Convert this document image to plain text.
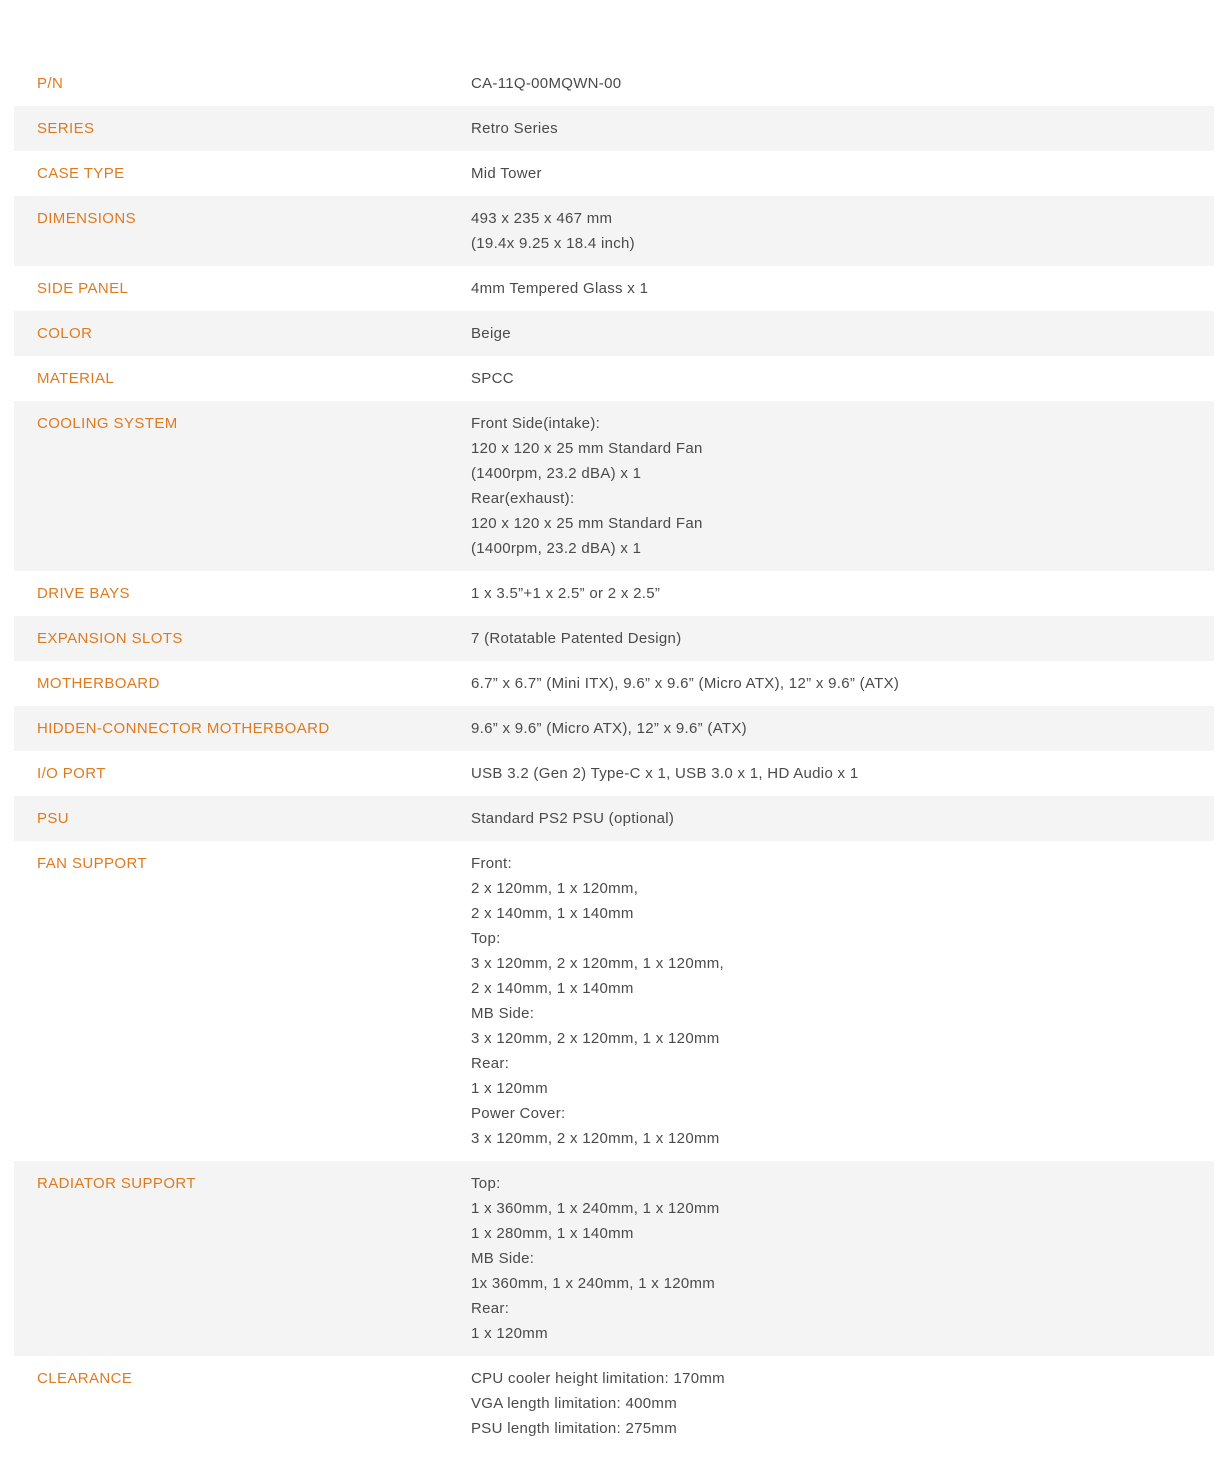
P/N	CA-11Q-00MQWN-00
SERIES	Retro Series
CASE TYPE	Mid Tower
DIMENSIONS	493 x 235 x 467 mm
(19.4x 9.25 x 18.4 inch)
SIDE PANEL	4mm Tempered Glass x 1
COLOR	Beige
MATERIAL	SPCC
COOLING SYSTEM	Front Side(intake):
120 x 120 x 25 mm Standard Fan
(1400rpm, 23.2 dBA) x 1
Rear(exhaust):
120 x 120 x 25 mm Standard Fan
(1400rpm, 23.2 dBA) x 1
DRIVE BAYS	1 x 3.5”+1 x 2.5” or 2 x 2.5”
EXPANSION SLOTS	7 (Rotatable Patented Design)
MOTHERBOARD	6.7” x 6.7” (Mini ITX), 9.6” x 9.6” (Micro ATX), 12” x 9.6” (ATX)
HIDDEN-CONNECTOR MOTHERBOARD	9.6” x 9.6” (Micro ATX), 12” x 9.6” (ATX)
I/O PORT	USB 3.2 (Gen 2) Type-C x 1, USB 3.0 x 1, HD Audio x 1
PSU	Standard PS2 PSU (optional)
FAN SUPPORT	Front:
2 x 120mm, 1 x 120mm,
2 x 140mm, 1 x 140mm
Top:
3 x 120mm, 2 x 120mm, 1 x 120mm,
2 x 140mm, 1 x 140mm
MB Side:
3 x 120mm, 2 x 120mm, 1 x 120mm
Rear:
1 x 120mm
Power Cover:
3 x 120mm, 2 x 120mm, 1 x 120mm
RADIATOR SUPPORT	Top:
1 x 360mm, 1 x 240mm, 1 x 120mm
1 x 280mm, 1 x 140mm
MB Side:
1x 360mm, 1 x 240mm, 1 x 120mm
Rear:
1 x 120mm
CLEARANCE	CPU cooler height limitation: 170mm
VGA length limitation: 400mm
PSU length limitation: 275mm
